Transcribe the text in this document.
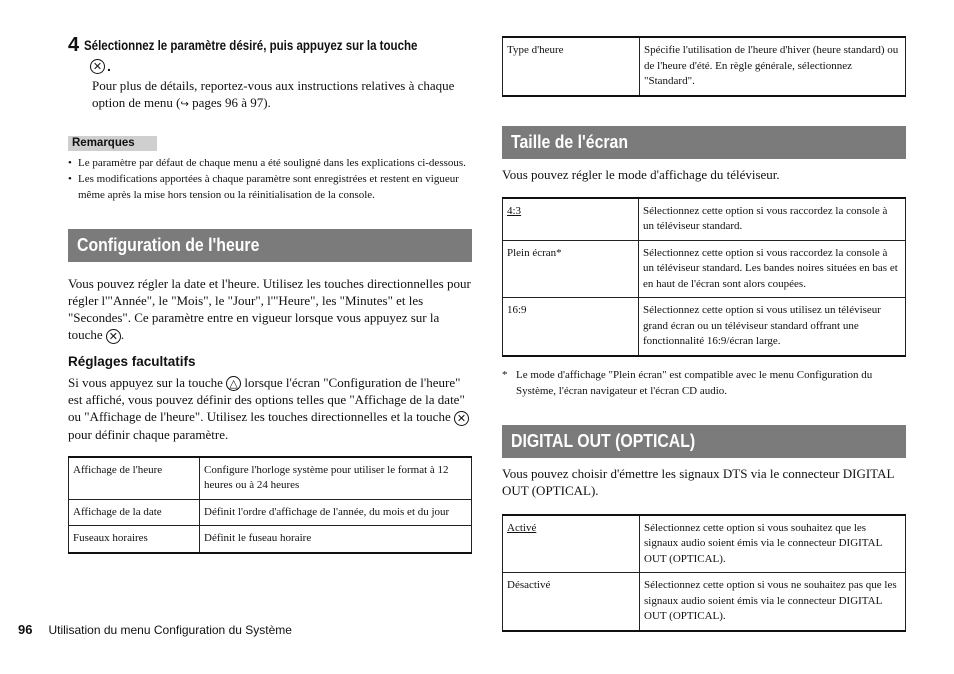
4 Sélectionnez le paramètre désiré, puis appuyez sur la touche
✕ .
Pour plus de détails, reportez-vous aux instructions relatives à chaque option de menu (↪ pages 96 à 97).
Remarques
• Le paramètre par défaut de chaque menu a été souligné dans les explications ci-dessous.
• Les modifications apportées à chaque paramètre sont enregistrées et restent en vigueur même après la mise hors tension ou la réinitialisation de la console.
Configuration de l'heure
Vous pouvez régler la date et l'heure. Utilisez les touches directionnelles pour régler l'"Année", le "Mois", le "Jour", l'"Heure", les "Minutes" et les "Secondes". Ce paramètre entre en vigueur lorsque vous appuyez sur la touche ✕ .
Réglages facultatifs
Si vous appuyez sur la touche △ lorsque l'écran "Configuration de l'heure" est affiché, vous pouvez définir des options telles que "Affichage de la date" ou "Affichage de l'heure". Utilisez les touches directionnelles et la touche ✕ pour définir chaque paramètre.
Affichage de l'heure	Configure l'horloge système pour utiliser le format à 12 heures ou à 24 heures
Affichage de la date	Définit l'ordre d'affichage de l'année, du mois et du jour
Fuseaux horaires	Définit le fuseau horaire
Type d'heure	Spécifie l'utilisation de l'heure d'hiver (heure standard) ou de l'heure d'été. En règle générale, sélectionnez "Standard".
Taille de l'écran
Vous pouvez régler le mode d'affichage du téléviseur.
4:3	Sélectionnez cette option si vous raccordez la console à un téléviseur standard.
Plein écran*	Sélectionnez cette option si vous raccordez la console à un téléviseur standard. Les bandes noires situées en bas et en haut de l'écran sont alors coupées.
16:9	Sélectionnez cette option si vous utilisez un téléviseur grand écran ou un téléviseur standard offrant une fonctionnalité 16:9/écran large.
* Le mode d'affichage "Plein écran" est compatible avec le menu Configuration du Système, l'écran navigateur et l'écran CD audio.
DIGITAL OUT (OPTICAL)
Vous pouvez choisir d'émettre les signaux DTS via le connecteur DIGITAL OUT (OPTICAL).
Activé	Sélectionnez cette option si vous souhaitez que les signaux audio soient émis via le connecteur DIGITAL OUT (OPTICAL).
Désactivé	Sélectionnez cette option si vous ne souhaitez pas que les signaux audio soient émis via le connecteur DIGITAL OUT (OPTICAL).
96 Utilisation du menu Configuration du Système
